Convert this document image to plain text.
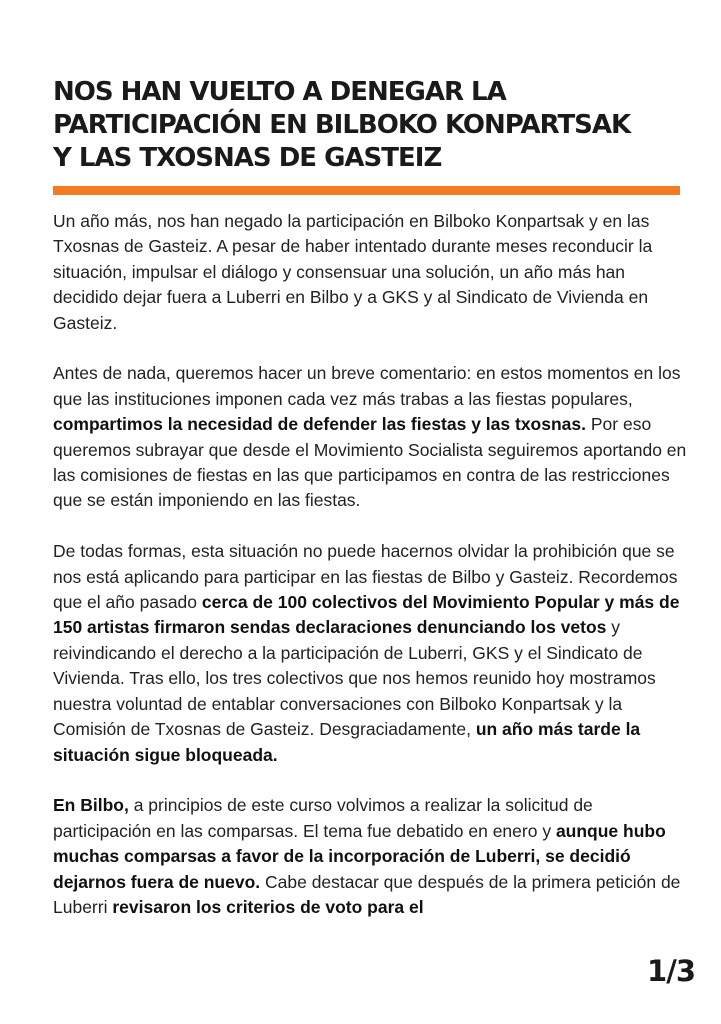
NOS HAN VUELTO A DENEGAR LA
PARTICIPACIÓN EN BILBOKO KONPARTSAK
Y LAS TXOSNAS DE GASTEIZ

Un año más, nos han negado la participación en Bilboko Konpartsak y en las Txosnas de Gasteiz. A pesar de haber intentado durante meses reconducir la situación, impulsar el diálogo y consensuar una solución, un año más han decidido dejar fuera a Luberri en Bilbo y a GKS y al Sindicato de Vivienda en Gasteiz.

Antes de nada, queremos hacer un breve comentario: en estos momentos en los que las instituciones imponen cada vez más trabas a las fiestas populares, compartimos la necesidad de defender las fiestas y las txosnas. Por eso queremos subrayar que desde el Movimiento Socialista seguiremos aportando en las comisiones de fiestas en las que participamos en contra de las restricciones que se están imponiendo en las fiestas.

De todas formas, esta situación no puede hacernos olvidar la prohibición que se nos está aplicando para participar en las fiestas de Bilbo y Gasteiz. Recordemos que el año pasado cerca de 100 colectivos del Movimiento Popular y más de 150 artistas firmaron sendas declaraciones denunciando los vetos y reivindicando el derecho a la participación de Luberri, GKS y el Sindicato de Vivienda. Tras ello, los tres colectivos que nos hemos reunido hoy mostramos nuestra voluntad de entablar conversaciones con Bilboko Konpartsak y la Comisión de Txosnas de Gasteiz. Desgraciadamente, un año más tarde la situación sigue bloqueada.

En Bilbo, a principios de este curso volvimos a realizar la solicitud de participación en las comparsas. El tema fue debatido en enero y aunque hubo muchas comparsas a favor de la incorporación de Luberri, se decidió dejarnos fuera de nuevo. Cabe destacar que después de la primera petición de Luberri revisaron los criterios de voto para el

1/3
